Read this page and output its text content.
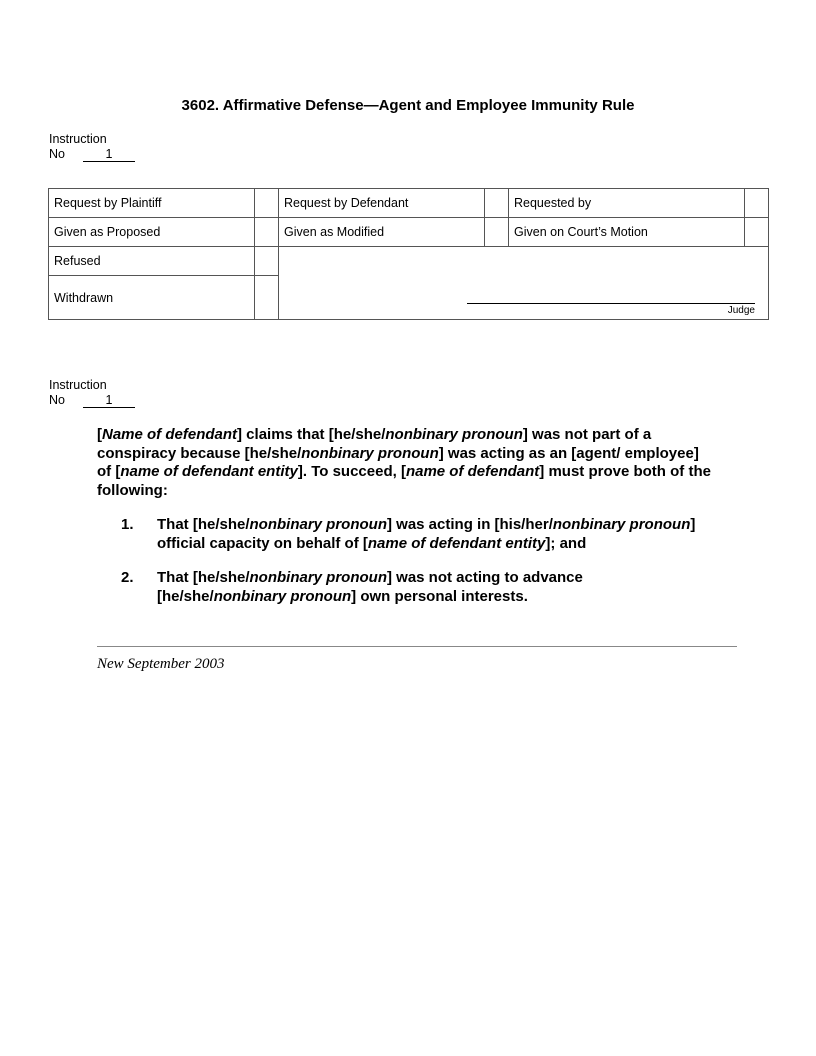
3602. Affirmative Defense—Agent and Employee Immunity Rule
Instruction
No	1
Request by Plaintiff		Request by Defendant		Requested by	
Given as Proposed		Given as Modified		Given on Court’s Motion	
Refused					
Withdrawn					
Judge
Instruction
No	1
[Name of defendant] claims that [he/she/nonbinary pronoun] was not part of a conspiracy because [he/she/nonbinary pronoun] was acting as an [agent/ employee] of [name of defendant entity]. To succeed, [name of defendant] must prove both of the following:
1. That [he/she/nonbinary pronoun] was acting in [his/her/nonbinary pronoun] official capacity on behalf of [name of defendant entity]; and
2. That [he/she/nonbinary pronoun] was not acting to advance [he/she/nonbinary pronoun] own personal interests.
New September 2003
